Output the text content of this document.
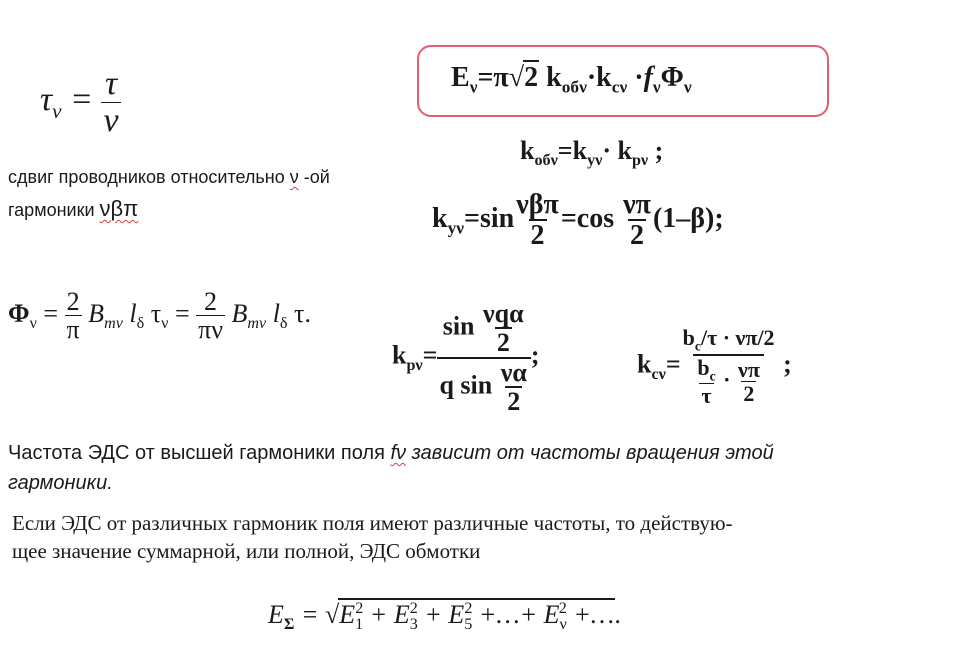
$\tau_\nu = \frac{\tau}{\nu}$
сдвиг проводников относительно ν -ой
гармоники νβπ
$E_\nu=\pi√2$ $k_{об\nu}\cdot k_{c\nu} \cdot f_\nu\Phi_\nu$
$k_{об\nu}=k_{y\nu}\cdot k_{p\nu}$ ;
$k_{y\nu}=\sin \frac{\text{νβπ}}{2} =\cos \frac{\nu\pi}{2} (1-\beta)$;
$\Phi_\nu = \frac{2}{\pi} B_{m\nu}$ $l_\delta$ $\tau_\nu = \frac{2}{\pi\nu} B_{m\nu}$ $l_\delta$ τ.
$k_{p\nu}= \frac{\sin \frac{\text{νqα}}{2}}{q \sin \frac{\nu\alpha}{2}}$ ;	$k_{c\nu}= \frac{b_c/\tau \cdot \nu\pi/2}{\frac{b_c}{\tau} \cdot \frac{\nu\pi}{2}}$ ;
Частота ЭДС от высшей гармоники поля fν зависит от частоты вращения этой
гармоники.
Если ЭДС от различных гармоник поля имеют различные частоты, то действую-
щее значение суммарной, или полной, ЭДС обмотки
$E_\Sigma = √E_1^2 + E_3^2 + E_5^2$ +…+ $E_\nu^2$ +….
